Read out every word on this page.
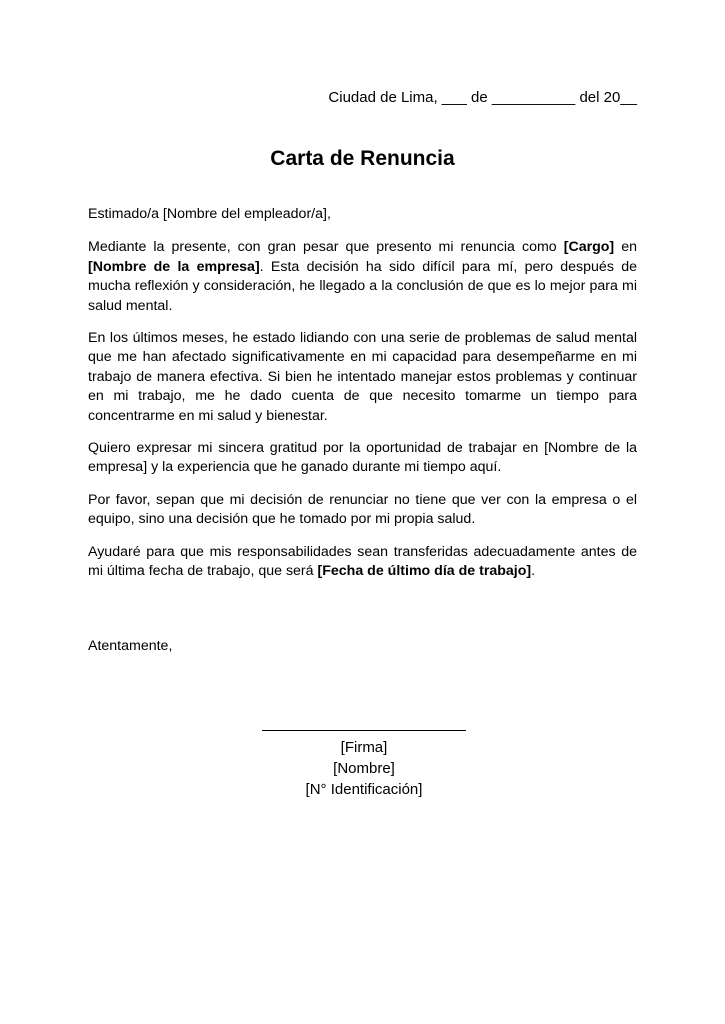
Ciudad de Lima, ___ de __________ del 20__
Carta de Renuncia

Estimado/a [Nombre del empleador/a],

Mediante la presente, con gran pesar que presento mi renuncia como [Cargo] en [Nombre de la empresa]. Esta decisión ha sido difícil para mí, pero después de mucha reflexión y consideración, he llegado a la conclusión de que es lo mejor para mi salud mental.

En los últimos meses, he estado lidiando con una serie de problemas de salud mental que me han afectado significativamente en mi capacidad para desempeñarme en mi trabajo de manera efectiva. Si bien he intentado manejar estos problemas y continuar en mi trabajo, me he dado cuenta de que necesito tomarme un tiempo para concentrarme en mi salud y bienestar.

Quiero expresar mi sincera gratitud por la oportunidad de trabajar en [Nombre de la empresa] y la experiencia que he ganado durante mi tiempo aquí.

Por favor, sepan que mi decisión de renunciar no tiene que ver con la empresa o el equipo, sino una decisión que he tomado por mi propia salud.

Ayudaré para que mis responsabilidades sean transferidas adecuadamente antes de mi última fecha de trabajo, que será [Fecha de último día de trabajo].

Atentamente,
[Firma]
[Nombre]
[N° Identificación]
